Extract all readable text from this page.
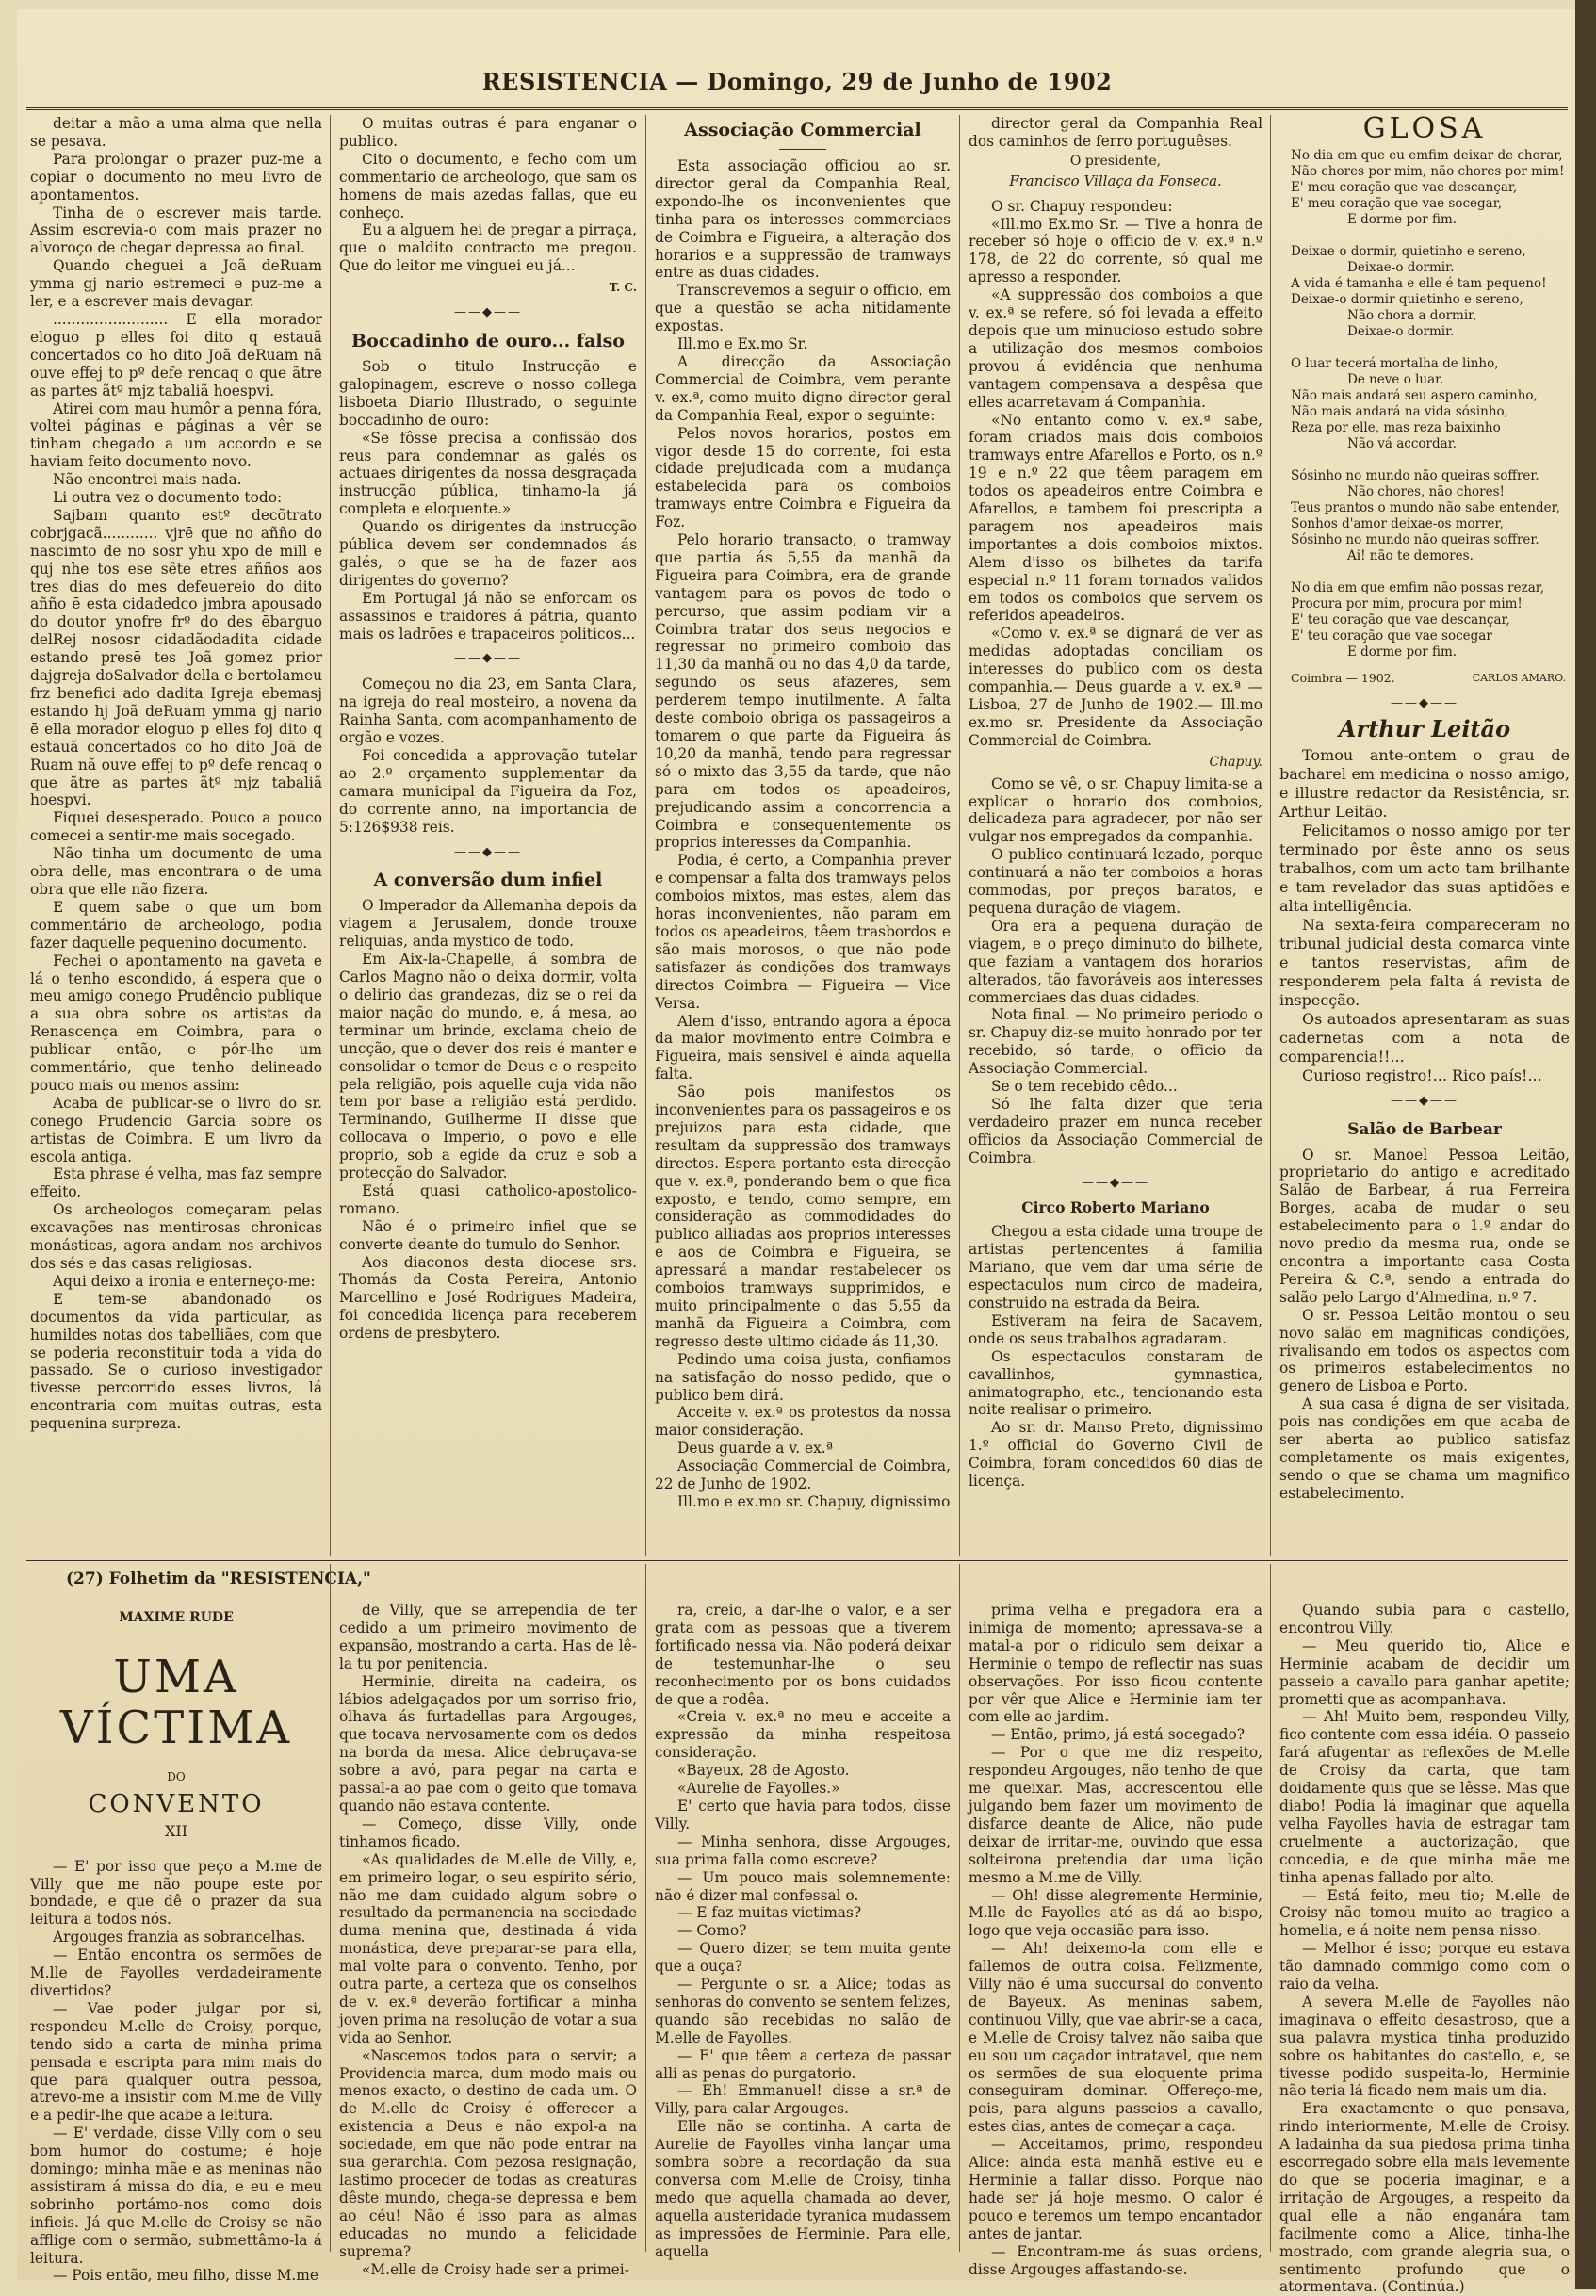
RESISTENCIA — Domingo, 29 de Junho de 1902

deitar a mão a uma alma que nella se pesava.

Para prolongar o prazer puz-me a copiar o documento no meu livro de apontamentos.

Tinha de o escrever mais tarde. Assim escrevia-o com mais prazer no alvoroço de chegar depressa ao final.

Quando cheguei a Joã deRuam ymma gj nario estremeci e puz-me a ler, e a escrever mais devagar.

......................... E ella morador eloguo p elles foi dito q estauã concertados co ho dito Joã deRuam nã ouve effej to pº defe rencaq o que ãtre as partes ãtº mjz tabaliã hoespvi.

Atirei com mau humôr a penna fóra, voltei páginas e páginas a vêr se tinham chegado a um accordo e se haviam feito documento novo.

Não encontrei mais nada.

Li outra vez o documento todo:

Sajbam quanto estº decõtrato cobrjgacã............ vjrē que no añño do nascimto de no sosr yhu xpo de mill e quj nhe tos ese sête etres añños aos tres dias do mes defeuereio do dito añño ē esta cidadedco jmbra apousado do doutor ynofre frº do des ēbarguo delRej nososr cidadãodadita cidade estando presē tes Joã gomez prior dajgreja doSalvador della e bertolameu frz benefici ado dadita Igreja ebemasj estando hj Joã deRuam ymma gj nario ē ella morador eloguo p elles foj dito q estauã concertados co ho dito Joã de Ruam nã ouve effej to pº defe rencaq o que ãtre as partes ãtº mjz tabaliã hoespvi.

Fiquei desesperado. Pouco a pouco comecei a sentir-me mais socegado.

Não tinha um documento de uma obra delle, mas encontrara o de uma obra que elle não fizera.

E quem sabe o que um bom commentário de archeologo, podia fazer daquelle pequenino documento.

Fechei o apontamento na gaveta e lá o tenho escondido, á espera que o meu amigo conego Prudêncio publique a sua obra sobre os artistas da Renascença em Coimbra, para o publicar então, e pôr-lhe um commentário, que tenho delineado pouco mais ou menos assim:

Acaba de publicar-se o livro do sr. conego Prudencio Garcia sobre os artistas de Coimbra. E um livro da escola antiga.

Esta phrase é velha, mas faz sempre effeito.

Os archeologos começaram pelas excavações nas mentirosas chronicas monásticas, agora andam nos archivos dos sés e das casas religiosas.

Aqui deixo a ironia e enterneço-me:

E tem-se abandonado os documentos da vida particular, as humildes notas dos tabelliães, com que se poderia reconstituir toda a vida do passado. Se o curioso investigador tivesse percorrido esses livros, lá encontraria com muitas outras, esta pequenina surpreza.

O muitas outras é para enganar o publico.

Cito o documento, e fecho com um commentario de archeologo, que sam os homens de mais azedas fallas, que eu conheço.

Eu a alguem hei de pregar a pirraça, que o maldito contracto me pregou. Que do leitor me vinguei eu já...

T. C.
——◆——
Boccadinho de ouro... falso

Sob o titulo Instrucção e galopinagem, escreve o nosso collega lisboeta Diario Illustrado, o seguinte boccadinho de ouro:

«Se fôsse precisa a confissão dos reus para condemnar as galés os actuaes dirigentes da nossa desgraçada instrucção pública, tinhamo-la já completa e eloquente.»

Quando os dirigentes da instrucção pública devem ser condemnados ás galés, o que se ha de fazer aos dirigentes do governo?

Em Portugal já não se enforcam os assassinos e traidores á pátria, quanto mais os ladrões e trapaceiros politicos...

——◆——

Começou no dia 23, em Santa Clara, na igreja do real mosteiro, a novena da Rainha Santa, com acompanhamento de orgão e vozes.

Foi concedida a approvação tutelar ao 2.º orçamento supplementar da camara municipal da Figueira da Foz, do corrente anno, na importancia de 5:126$938 reis.

——◆——
A conversão dum infiel

O Imperador da Allemanha depois da viagem a Jerusalem, donde trouxe reliquias, anda mystico de todo.

Em Aix-la-Chapelle, á sombra de Carlos Magno não o deixa dormir, volta o delirio das grandezas, diz se o rei da maior nação do mundo, e, á mesa, ao terminar um brinde, exclama cheio de uncção, que o dever dos reis é manter e consolidar o temor de Deus e o respeito pela religião, pois aquelle cuja vida não tem por base a religião está perdido. Terminando, Guilherme II disse que collocava o Imperio, o povo e elle proprio, sob a egide da cruz e sob a protecção do Salvador.

Está quasi catholico-apostolico-romano.

Não é o primeiro infiel que se converte deante do tumulo do Senhor.

Aos diaconos desta diocese srs. Thomás da Costa Pereira, Antonio Marcellino e José Rodrigues Madeira, foi concedida licença para receberem ordens de presbytero.

Associação Commercial

Esta associação officiou ao sr. director geral da Companhia Real, expondo-lhe os inconvenientes que tinha para os interesses commerciaes de Coimbra e Figueira, a alteração dos horarios e a suppressão de tramways entre as duas cidades.

Transcrevemos a seguir o officio, em que a questão se acha nitidamente expostas.

Ill.mo e Ex.mo Sr.

A direcção da Associação Commercial de Coimbra, vem perante v. ex.ª, como muito digno director geral da Companhia Real, expor o seguinte:

Pelos novos horarios, postos em vigor desde 15 do corrente, foi esta cidade prejudicada com a mudança estabelecida para os comboios tramways entre Coimbra e Figueira da Foz.

Pelo horario transacto, o tramway que partia ás 5,55 da manhã da Figueira para Coimbra, era de grande vantagem para os povos de todo o percurso, que assim podiam vir a Coimbra tratar dos seus negocios e regressar no primeiro comboio das 11,30 da manhã ou no das 4,0 da tarde, segundo os seus afazeres, sem perderem tempo inutilmente. A falta deste comboio obriga os passageiros a tomarem o que parte da Figueira ás 10,20 da manhã, tendo para regressar só o mixto das 3,55 da tarde, que não para em todos os apeadeiros, prejudicando assim a concorrencia a Coimbra e consequentemente os proprios interesses da Companhia.

Podia, é certo, a Companhia prever e compensar a falta dos tramways pelos comboios mixtos, mas estes, alem das horas inconvenientes, não param em todos os apeadeiros, têem trasbordos e são mais morosos, o que não pode satisfazer ás condições dos tramways directos Coimbra — Figueira — Vice Versa.

Alem d'isso, entrando agora a época da maior movimento entre Coimbra e Figueira, mais sensivel é ainda aquella falta.

São pois manifestos os inconvenientes para os passageiros e os prejuizos para esta cidade, que resultam da suppressão dos tramways directos. Espera portanto esta direcção que v. ex.ª, ponderando bem o que fica exposto, e tendo, como sempre, em consideração as commodidades do publico alliadas aos proprios interesses e aos de Coimbra e Figueira, se apressará a mandar restabelecer os comboios tramways supprimidos, e muito principalmente o das 5,55 da manhã da Figueira a Coimbra, com regresso deste ultimo cidade ás 11,30.

Pedindo uma coisa justa, confiamos na satisfação do nosso pedido, que o publico bem dirá.

Acceite v. ex.ª os protestos da nossa maior consideração.

Deus guarde a v. ex.ª

Associação Commercial de Coimbra, 22 de Junho de 1902.

Ill.mo e ex.mo sr. Chapuy, dignissimo

director geral da Companhia Real dos caminhos de ferro portuguêses.

O presidente,
Francisco Villaça da Fonseca.

O sr. Chapuy respondeu:

«Ill.mo Ex.mo Sr. — Tive a honra de receber só hoje o officio de v. ex.ª n.º 178, de 22 do corrente, só qual me apresso a responder.

«A suppressão dos comboios a que v. ex.ª se refere, só foi levada a effeito depois que um minucioso estudo sobre a utilização dos mesmos comboios provou á evidência que nenhuma vantagem compensava a despêsa que elles acarretavam á Companhia.

«No entanto como v. ex.ª sabe, foram criados mais dois comboios tramways entre Afarellos e Porto, os n.º 19 e n.º 22 que têem paragem em todos os apeadeiros entre Coimbra e Afarellos, e tambem foi prescripta a paragem nos apeadeiros mais importantes a dois comboios mixtos. Alem d'isso os bilhetes da tarifa especial n.º 11 foram tornados validos em todos os comboios que servem os referidos apeadeiros.

«Como v. ex.ª se dignará de ver as medidas adoptadas conciliam os interesses do publico com os desta companhia.— Deus guarde a v. ex.ª — Lisboa, 27 de Junho de 1902.— Ill.mo ex.mo sr. Presidente da Associação Commercial de Coimbra.

Chapuy.

Como se vê, o sr. Chapuy limita-se a explicar o horario dos comboios, delicadeza para agradecer, por não ser vulgar nos empregados da companhia.

O publico continuará lezado, porque continuará a não ter comboios a horas commodas, por preços baratos, e pequena duração de viagem.

Ora era a pequena duração de viagem, e o preço diminuto do bilhete, que faziam a vantagem dos horarios alterados, tão favoráveis aos interesses commerciaes das duas cidades.

Nota final. — No primeiro periodo o sr. Chapuy diz-se muito honrado por ter recebido, só tarde, o officio da Associação Commercial.

Se o tem recebido cêdo...

Só lhe falta dizer que teria verdadeiro prazer em nunca receber officios da Associação Commercial de Coimbra.

——◆——
Circo Roberto Mariano

Chegou a esta cidade uma troupe de artistas pertencentes á familia Mariano, que vem dar uma série de espectaculos num circo de madeira, construido na estrada da Beira.

Estiveram na feira de Sacavem, onde os seus trabalhos agradaram.

Os espectaculos constaram de cavallinhos, gymnastica, animatographo, etc., tencionando esta noite realisar o primeiro.

Ao sr. dr. Manso Preto, dignissimo 1.º official do Governo Civil de Coimbra, foram concedidos 60 dias de licença.

GLOSA
No dia em que eu emfim deixar de chorar,
Não chores por mim, não chores por mim!
E' meu coração que vae descançar,
E' meu coração que vae socegar,
E dorme por fim.

Deixae-o dormir, quietinho e sereno,
Deixae-o dormir.
A vida é tamanha e elle é tam pequeno!
Deixae-o dormir quietinho e sereno,
Não chora a dormir,
Deixae-o dormir.

O luar tecerá mortalha de linho,
De neve o luar.
Não mais andará seu aspero caminho,
Não mais andará na vida sósinho,
Reza por elle, mas reza baixinho
Não vá accordar.

Sósinho no mundo não queiras soffrer.
Não chores, não chores!
Teus prantos o mundo não sabe entender,
Sonhos d'amor deixae-os morrer,
Sósinho no mundo não queiras soffrer.
Ai! não te demores.

No dia em que emfim não possas rezar,
Procura por mim, procura por mim!
E' teu coração que vae descançar,
E' teu coração que vae socegar
E dorme por fim.
Coimbra — 1902.	CARLOS AMARO.
——◆——
Arthur Leitão

Tomou ante-ontem o grau de bacharel em medicina o nosso amigo, e illustre redactor da Resistência, sr. Arthur Leitão.

Felicitamos o nosso amigo por ter terminado por êste anno os seus trabalhos, com um acto tam brilhante e tam revelador das suas aptidões e alta intelligência.

Na sexta-feira compareceram no tribunal judicial desta comarca vinte e tantos reservistas, afim de responderem pela falta á revista de inspecção.

Os autoados apresentaram as suas cadernetas com a nota de comparencia!!...

Curioso registro!... Rico país!...

——◆——
Salão de Barbear

O sr. Manoel Pessoa Leitão, proprietario do antigo e acreditado Salão de Barbear, á rua Ferreira Borges, acaba de mudar o seu estabelecimento para o 1.º andar do novo predio da mesma rua, onde se encontra a importante casa Costa Pereira & C.ª, sendo a entrada do salão pelo Largo d'Almedina, n.º 7.

O sr. Pessoa Leitão montou o seu novo salão em magnificas condições, rivalisando em todos os aspectos com os primeiros estabelecimentos no genero de Lisboa e Porto.

A sua casa é digna de ser visitada, pois nas condições em que acaba de ser aberta ao publico satisfaz completamente os mais exigentes, sendo o que se chama um magnifico estabelecimento.

(27) Folhetim da "RESISTENCIA,"
MAXIME RUDE
UMA VÍCTIMA
DO
CONVENTO
XII

— E' por isso que peço a M.me de Villy que me não poupe este por bondade, e que dê o prazer da sua leitura a todos nós.

Argouges franzia as sobrancelhas.

— Então encontra os sermões de M.lle de Fayolles verdadeiramente divertidos?

— Vae poder julgar por si, respondeu M.elle de Croisy, porque, tendo sido a carta de minha prima pensada e escripta para mim mais do que para qualquer outra pessoa, atrevo-me a insistir com M.me de Villy e a pedir-lhe que acabe a leitura.

— E' verdade, disse Villy com o seu bom humor do costume; é hoje domingo; minha mãe e as meninas não assistiram á missa do dia, e eu e meu sobrinho portámo-nos como dois infieis. Já que M.elle de Croisy se não afflige com o sermão, submettâmo-la á leitura.

— Pois então, meu filho, disse M.me

de Villy, que se arrependia de ter cedido a um primeiro movimento de expansão, mostrando a carta. Has de lê-la tu por penitencia.

Herminie, direita na cadeira, os lábios adelgaçados por um sorriso frio, olhava ás furtadellas para Argouges, que tocava nervosamente com os dedos na borda da mesa. Alice debruçava-se sobre a avó, para pegar na carta e passal-a ao pae com o geito que tomava quando não estava contente.

— Começo, disse Villy, onde tinhamos ficado.

«As qualidades de M.elle de Villy, e, em primeiro logar, o seu espírito sério, não me dam cuidado algum sobre o resultado da permanencia na sociedade duma menina que, destinada á vida monástica, deve preparar-se para ella, mal volte para o convento. Tenho, por outra parte, a certeza que os conselhos de v. ex.ª deverão fortificar a minha joven prima na resolução de votar a sua vida ao Senhor.

«Nascemos todos para o servir; a Providencia marca, dum modo mais ou menos exacto, o destino de cada um. O de M.elle de Croisy é offerecer a existencia a Deus e não expol-a na sociedade, em que não pode entrar na sua gerarchia. Com pezosa resignação, lastimo proceder de todas as creaturas dêste mundo, chega-se depressa e bem ao céu! Não é isso para as almas educadas no mundo a felicidade suprema?

«M.elle de Croisy hade ser a primei-

ra, creio, a dar-lhe o valor, e a ser grata com as pessoas que a tiverem fortificado nessa via. Não poderá deixar de testemunhar-lhe o seu reconhecimento por os bons cuidados de que a rodêa.

«Creia v. ex.ª no meu e acceite a expressão da minha respeitosa consideração.

«Bayeux, 28 de Agosto.

«Aurelie de Fayolles.»

E' certo que havia para todos, disse Villy.

— Minha senhora, disse Argouges, sua prima falla como escreve?

— Um pouco mais solemnemente: não é dizer mal confessal o.

— E faz muitas victimas?

— Como?

— Quero dizer, se tem muita gente que a ouça?

— Pergunte o sr. a Alice; todas as senhoras do convento se sentem felizes, quando são recebidas no salão de M.elle de Fayolles.

— E' que têem a certeza de passar alli as penas do purgatorio.

— Eh! Emmanuel! disse a sr.ª de Villy, para calar Argouges.

Elle não se continha. A carta de Aurelie de Fayolles vinha lançar uma sombra sobre a recordação da sua conversa com M.elle de Croisy, tinha medo que aquella chamada ao dever, aquella austeridade tyranica mudassem as impressões de Herminie. Para elle, aquella

prima velha e pregadora era a inimiga de momento; apressava-se a matal-a por o ridiculo sem deixar a Herminie o tempo de reflectir nas suas observações. Por isso ficou contente por vêr que Alice e Herminie iam ter com elle ao jardim.

— Então, primo, já está socegado?

— Por o que me diz respeito, respondeu Argouges, não tenho de que me queixar. Mas, accrescentou elle julgando bem fazer um movimento de disfarce deante de Alice, não pude deixar de irritar-me, ouvindo que essa solteirona pretendia dar uma lição mesmo a M.me de Villy.

— Oh! disse alegremente Herminie, M.lle de Fayolles até as dá ao bispo, logo que veja occasião para isso.

— Ah! deixemo-la com elle e fallemos de outra coisa. Felizmente, Villy não é uma succursal do convento de Bayeux. As meninas sabem, continuou Villy, que vae abrir-se a caça, e M.elle de Croisy talvez não saiba que eu sou um caçador intratavel, que nem os sermões de sua eloquente prima conseguiram dominar. Offereço-me, pois, para alguns passeios a cavallo, estes dias, antes de começar a caça.

— Acceitamos, primo, respondeu Alice: ainda esta manhã estive eu e Herminie a fallar disso. Porque não hade ser já hoje mesmo. O calor é pouco e teremos um tempo encantador antes de jantar.

— Encontram-me ás suas ordens, disse Argouges affastando-se.

Quando subia para o castello, encontrou Villy.

— Meu querido tio, Alice e Herminie acabam de decidir um passeio a cavallo para ganhar apetite; prometti que as acompanhava.

— Ah! Muito bem, respondeu Villy, fico contente com essa idéia. O passeio fará afugentar as reflexões de M.elle de Croisy da carta, que tam doidamente quis que se lêsse. Mas que diabo! Podia lá imaginar que aquella velha Fayolles havia de estragar tam cruelmente a auctorização, que concedia, e de que minha mãe me tinha apenas fallado por alto.

— Está feito, meu tio; M.elle de Croisy não tomou muito ao tragico a homelia, e á noite nem pensa nisso.

— Melhor é isso; porque eu estava tão damnado commigo como com o raio da velha.

A severa M.elle de Fayolles não imaginava o effeito desastroso, que a sua palavra mystica tinha produzido sobre os habitantes do castello, e, se tivesse podido suspeita-lo, Herminie não teria lá ficado nem mais um dia.

Era exactamente o que pensava, rindo interiormente, M.elle de Croisy. A ladainha da sua piedosa prima tinha escorregado sobre ella mais levemente do que se poderia imaginar, e a irritação de Argouges, a respeito da qual elle a não enganára tam facilmente como a Alice, tinha-lhe mostrado, com grande alegria sua, o sentimento profundo que o atormentava. (Continúa.)
